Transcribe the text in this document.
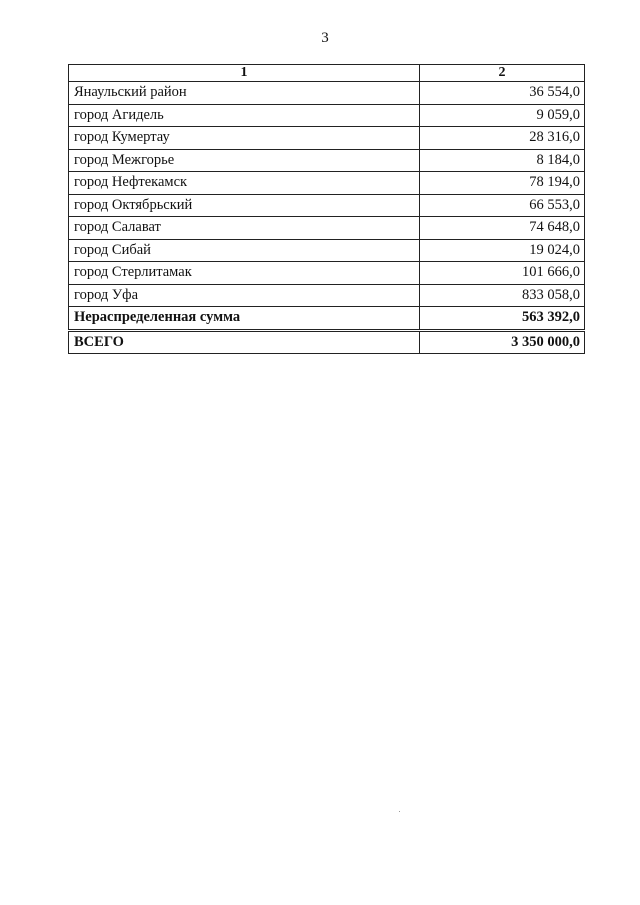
3
1	2
Янаульский район	36 554,0
город Агидель	9 059,0
город Кумертау	28 316,0
город Межгорье	8 184,0
город Нефтекамск	78 194,0
город Октябрьский	66 553,0
город Салават	74 648,0
город Сибай	19 024,0
город Стерлитамак	101 666,0
город Уфа	833 058,0
Нераспределенная сумма	563 392,0
ВСЕГО	3 350 000,0
